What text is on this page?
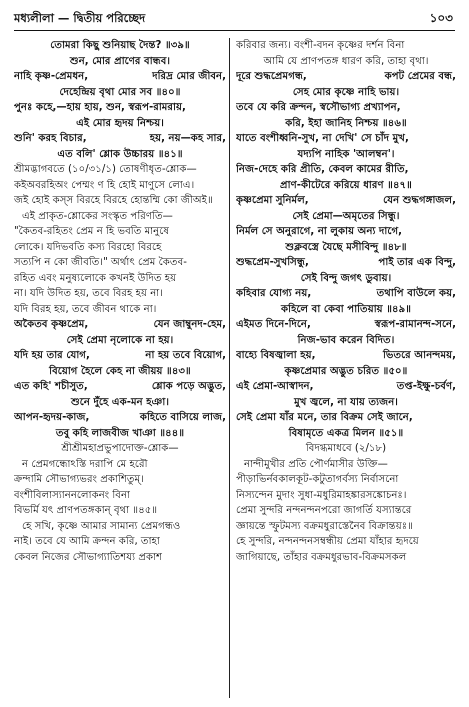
মধ্যলীলা — দ্বিতীয় পরিচ্ছেদ	১০৩
তোমরা কিছু শুনিয়াছ দৈন্ত? ॥৩৯॥
শুন, মোর প্রাণের বান্ধব।
নাহি কৃষ্ণ-প্রেমধন,	দরিদ্র মোর জীবন,
দেহেন্দ্রিয় বৃথা মোর সব ॥৪০॥
পুনঃ কহে,—হায় হায়, শুন, স্বরূপ-রামরায়,
এই মোর হৃদয় নিশ্চয়।
শুনি' করহ বিচার,	হয়, নয়—কহ সার,
এত বলি' শ্লোক উচ্চারয় ॥৪১॥
শ্রীমদ্ভাগবতে (১০/৩১/১) তোষণীধৃত-শ্লোক—
কইঅবরহিঅং পেম্মং ণ হি হোই মাণুসে লোএ।
জই হোই কস্স বিরহে বিরহে হোন্তম্মি কো জীঅই॥
এই প্রাকৃত-শ্লোকের সংস্কৃত পরিণতি—
"কৈতব-রহিতং প্রেম ন হি ভবতি মানুষে
লোকে। যদিভবতি কস্য বিরহো বিরহে
সত্যপি ন কো জীবতি।" অর্থাৎ প্রেম কৈতব-
রহিত এবং মনুষ্যলোকে কখনই উদিত হয়
না। যদি উদিত হয়, তবে বিরহ হয় না।
যদি বিরহ হয়, তবে জীবন থাকে না।
অকৈতব কৃষ্ণপ্রেম,	যেন জাম্বুনদ-হেম,
সেই প্রেমা নৃলোকে না হয়।
যদি হয় তার যোগ,	না হয় তবে বিয়োগ,
বিয়োগ হৈলে কেহ না জীয়য় ॥৪৩॥
এত কহি' শচীসুত,	শ্লোক পড়ে অদ্ভুত,
শুনে দুঁহে এক-মন হঞা।
আপন-হৃদয়-কাজ,	কহিতে বাসিয়ে লাজ,
তবু কহি লাজবীজ খাঞা ॥৪৪॥
শ্রীশ্রীমহাপ্রভুপাদোক্ত-শ্লোক—
ন প্রেমগন্ধোঽস্তি দরাপি মে হরৌ
ক্রন্দামি সৌভাগ্যভরং প্রকাশিতুম্।
বংশীবিলাস্যাননলোকনং বিনা
বিভর্মি যৎ প্রাণপতঙ্গকান্ বৃথা ॥৪৫॥
হে সখি, কৃষ্ণে আমার সামান্য প্রেমগন্ধও
নাই। তবে যে আমি ক্রন্দন করি, তাহা
কেবল নিজের সৌভাগ্যাতিশয্য প্রকাশ
করিবার জন্য। বংশী-বদন কৃষ্ণের দর্শন বিনা
আমি যে প্রাণপতঙ্গ ধারণ করি, তাহা বৃথা।
দূরে শুদ্ধপ্রেমগন্ধ,	কপট প্রেমের বন্ধ,
সেহ মোর কৃষ্ণে নাহি ভায়।
তবে যে করি ক্রন্দন, স্বসৌভাগ্য প্রখ্যাপন,
করি, ইহা জানিহ নিশ্চয় ॥৪৬॥
যাতে বংশীধ্বনি-সুখ, না দেখি' সে চাঁদ মুখ,
যদ্যপি নাহিক 'আলম্বন'।
নিজ-দেহে করি প্রীতি, কেবল কামের রীতি,
প্রাণ-কীটেরে করিয়ে ধারণ ॥৪৭॥
কৃষ্ণপ্রেমা সুনির্মল,	যেন শুদ্ধগঙ্গাজল,
সেই প্রেমা—অমৃতের সিন্ধু।
নির্মল সে অনুরাগে, না লুকায় অন্য দাগে,
শুক্লবস্ত্রে যৈছে মসীবিন্দু ॥৪৮॥
শুদ্ধপ্রেম-সুখসিন্ধু,	পাই তার এক বিন্দু,
সেই বিন্দু জগৎ ডুবায়।
কহিবার যোগ্য নয়,	তথাপি বাউলে কয়,
কহিলে বা কেবা পাতিয়ায় ॥৪৯॥
এইমত দিনে-দিনে,	স্বরূপ-রামানন্দ-সনে,
নিজ-ভাব করেন বিদিত।
বাহ্যে বিষজ্বালা হয়,	ভিতরে আনন্দময়,
কৃষ্ণপ্রেমার অদ্ভুত চরিত ॥৫০॥
এই প্রেমা-আস্বাদন,	তপ্ত-ইক্ষু-চর্বণ,
মুখ জ্বলে, না যায় ত্যজন।
সেই প্রেমা যাঁর মনে, তার বিক্রম সেই জানে,
বিষামৃতে একত্র মিলন ॥৫১॥
বিদগ্ধমাধবে (২/১৮)
নান্দীমুখীর প্রতি পৌর্ণমাসীর উক্তি—
পীড়াভির্নবকালকূট-কটুতাগর্বস্য নির্বাসনো
নিস্যন্দেন মুদাং সুধা-মধুরিমাহঙ্কারসঙ্কোচনঃ।
প্রেমা সুন্দরি নন্দনন্দনপরো জাগর্তি যস্যান্তরে
জ্ঞায়ন্তে স্ফুটমস্য বক্রমধুরাস্তেনৈব বিক্রান্তয়ঃ॥
হে সুন্দরি, নন্দনন্দনসম্বন্ধীয় প্রেমা যাঁহার হৃদয়ে
জাগিয়াছে, তাঁহার বক্রমধুরভাব-বিক্রমসকল
